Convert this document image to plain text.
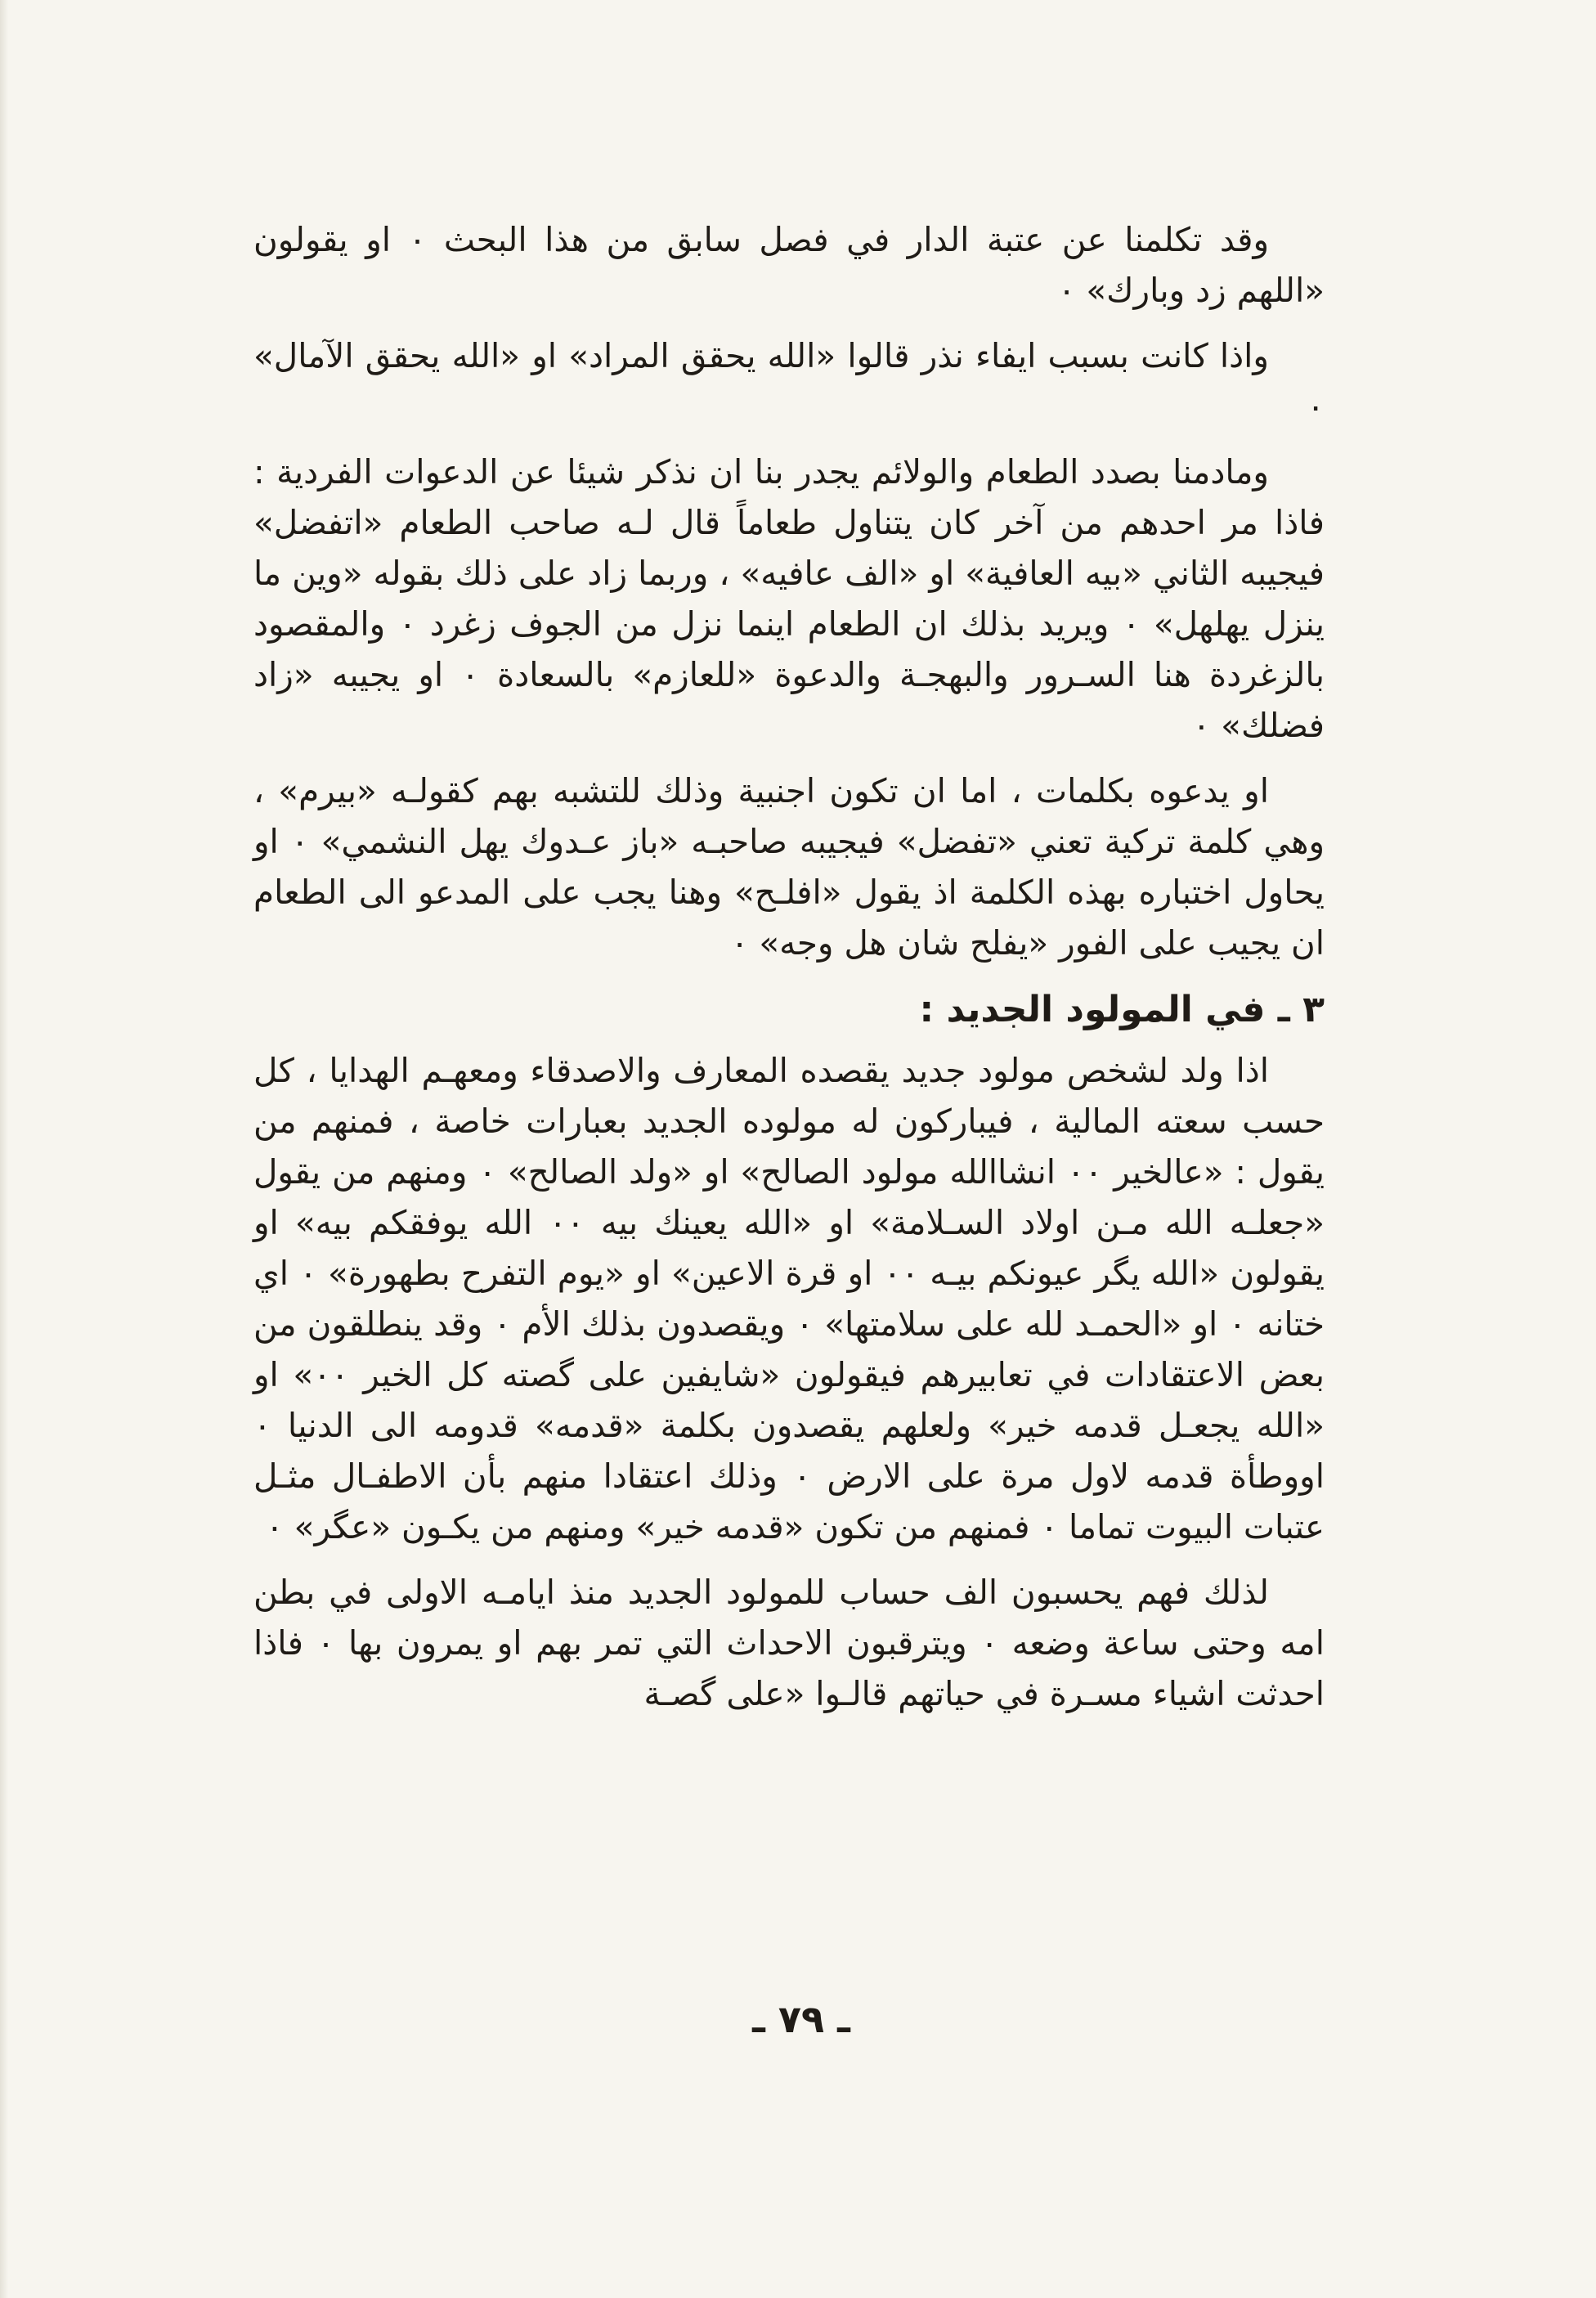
وقد تكلمنا عن عتبة الدار في فصل سابق من هذا البحث ٠ او يقولون «اللهم زد وبارك» ٠

واذا كانت بسبب ايفاء نذر قالوا «الله يحقق المراد» او «الله يحقق الآمال» ٠

ومادمنا بصدد الطعام والولائم يجدر بنا ان نذكر شيئا عن الدعوات الفردية : فاذا مر احدهم من آخر كان يتناول طعاماً قال لـه صاحب الطعام «اتفضل» فيجيبه الثاني «بيه العافية» او «الف عافيه» ، وربما زاد على ذلك بقوله «وين ما ينزل يهلهل» ٠ ويريد بذلك ان الطعام اينما نزل من الجوف زغرد ٠ والمقصود بالزغردة هنا السـرور والبهجـة والدعوة «للعازم» بالسعادة ٠ او يجيبه «زاد فضلك» ٠

او يدعوه بكلمات ، اما ان تكون اجنبية وذلك للتشبه بهم كقولـه «بيرم» ، وهي كلمة تركية تعني «تفضل» فيجيبه صاحبـه «باز عـدوك يهل النشمي» ٠ او يحاول اختباره بهذه الكلمة اذ يقول «افلـح» وهنا يجب على المدعو الى الطعام ان يجيب على الفور «يفلح شان هل وجه» ٠

٣ ـ في المولود الجديد :

اذا ولد لشخص مولود جديد يقصده المعارف والاصدقاء ومعهـم الهدايا ، كل حسب سعته المالية ، فيباركون له مولوده الجديد بعبارات خاصة ، فمنهم من يقول : «عالخير ٠٠ انشاالله مولود الصالح» او «ولد الصالح» ٠ ومنهم من يقول «جعلـه الله مـن اولاد السـلامة» او «الله يعينك بيه ٠٠ الله يوفقكم بيه» او يقولون «الله يگر عيونكم بيـه ٠٠ او قرة الاعين» او «يوم التفرح بطهورة» ٠ اي ختانه ٠ او «الحمـد لله على سلامتها» ٠ ويقصدون بذلك الأم ٠ وقد ينطلقون من بعض الاعتقادات في تعابيرهم فيقولون «شايفين على گصته كل الخير ٠٠» او «الله يجعـل قدمه خير» ولعلهم يقصدون بكلمة «قدمه» قدومه الى الدنيا ٠ اووطأة قدمه لاول مرة على الارض ٠ وذلك اعتقادا منهم بأن الاطفـال مثـل عتبات البيوت تماما ٠ فمنهم من تكون «قدمه خير» ومنهم من يكـون «عگر» ٠

لذلك فهم يحسبون الف حساب للمولود الجديد منذ ايامـه الاولى في بطن امه وحتى ساعة وضعه ٠ ويترقبون الاحداث التي تمر بهم او يمرون بها ٠ فاذا احدثت اشياء مسـرة في حياتهم قالـوا «على گصـة

ـ ٧٩ ـ
